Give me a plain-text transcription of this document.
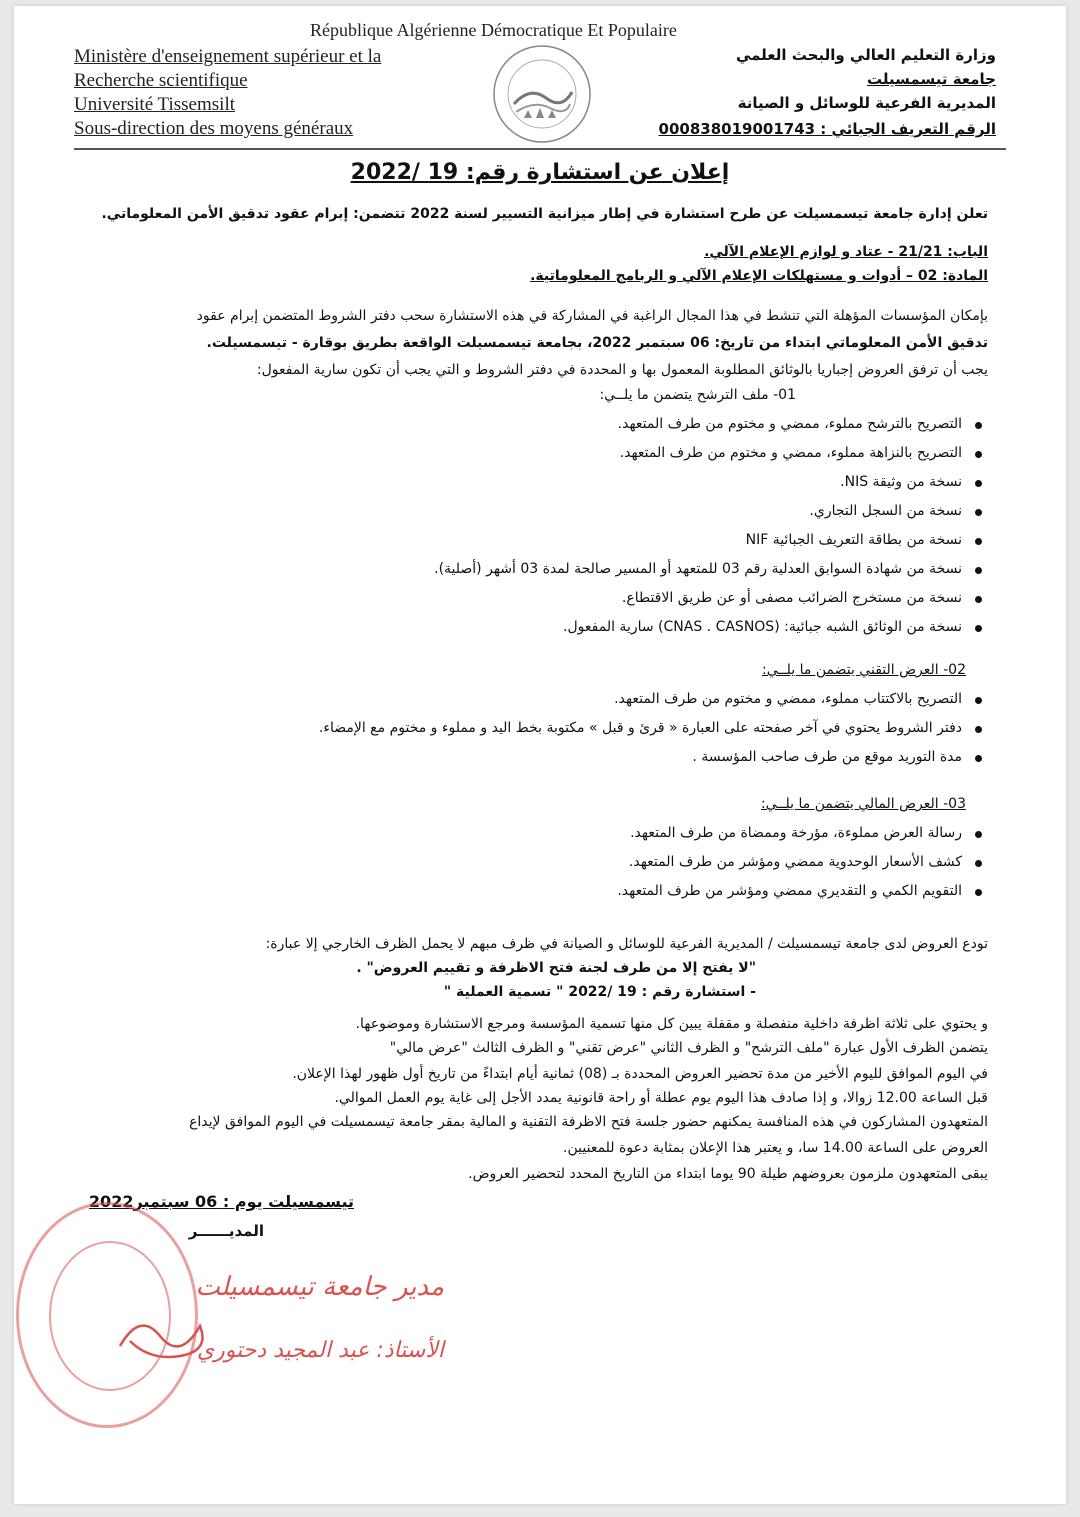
République Algérienne Démocratique Et Populaire
Ministère d'enseignement supérieur et la
Recherche scientifique
Université Tissemsilt
Sous-direction des moyens généraux
وزارة التعليم العالي والبحث العلمي
جامعة تيسمسيلت
المديرية الفرعية للوسائل و الصيانة
الرقم التعريف الجبائي : 000838019001743
إعلان عن استشارة رقم: 19 /2022
تعلن إدارة جامعة تيسمسيلت عن طرح استشارة في إطار ميزانية التسيير لسنة 2022 تتضمن: إبرام عقود تدقيق الأمن المعلوماتي.
الباب: 21/21 - عتاد و لوازم الإعلام الآلي.
المادة: 02 – أدوات و مستهلكات الإعلام الآلي و الربامج المعلوماتية.
بإمكان المؤسسات المؤهلة التي تنشط في هذا المجال الراغبة في المشاركة في هذه الاستشارة سحب دفتر الشروط المتضمن إبرام عقود
تدقيق الأمن المعلوماتي ابتداء من تاريخ: 06 سبتمبر 2022، بجامعة تيسمسيلت الواقعة بطريق بوقارة - تيسمسيلت.
يجب أن ترفق العروض إجباريا بالوثائق المطلوبة المعمول بها و المحددة في دفتر الشروط و التي يجب أن تكون سارية المفعول:
01- ملف الترشح يتضمن ما يلــي:
التصريح بالترشح مملوء، ممضي و مختوم من طرف المتعهد.
التصريح بالنزاهة مملوء، ممضي و مختوم من طرف المتعهد.
نسخة من وثيقة NIS.
نسخة من السجل التجاري.
نسخة من بطاقة التعريف الجبائية NIF
نسخة من شهادة السوابق العدلية رقم 03 للمتعهد أو المسير صالحة لمدة 03 أشهر (أصلية).
نسخة من مستخرج الضرائب مصفى أو عن طريق الاقتطاع.
نسخة من الوثائق الشبه جبائية: (CNAS . CASNOS) سارية المفعول.
02- العرض التقني يتضمن ما يلــي:
التصريح بالاكتتاب مملوء، ممضي و مختوم من طرف المتعهد.
دفتر الشروط يحتوي في آخر صفحته على العبارة « قرئ و قبل » مكتوبة بخط اليد و مملوء و مختوم مع الإمضاء.
مدة التوريد موقع من طرف صاحب المؤسسة .
03- العرض المالي يتضمن ما يلــي:
رسالة العرض مملوءة، مؤرخة وممضاة من طرف المتعهد.
كشف الأسعار الوحدوية ممضي ومؤشر من طرف المتعهد.
التقويم الكمي و التقديري ممضي ومؤشر من طرف المتعهد.
تودع العروض لدى جامعة تيسمسيلت / المديرية الفرعية للوسائل و الصيانة في ظرف مبهم لا يحمل الظرف الخارجي إلا عبارة:
"لا يفتح إلا من طرف لجنة فتح الاظرفة و تقييم العروض" .
- استشارة رقم : 19 /2022 " تسمية العملية "
و يحتوي على ثلاثة اظرفة داخلية منفصلة و مقفلة يبين كل منها تسمية المؤسسة ومرجع الاستشارة وموضوعها.
يتضمن الظرف الأول عبارة "ملف الترشح" و الظرف الثاني "عرض تقني" و الظرف الثالث "عرض مالي"
في اليوم الموافق لليوم الأخير من مدة تحضير العروض المحددة بـ (08) ثمانية أيام ابتداءً من تاريخ أول ظهور لهذا الإعلان.
قبل الساعة 12.00 زوالا، و إذا صادف هذا اليوم يوم عطلة أو راحة قانونية يمدد الأجل إلى غاية يوم العمل الموالي.
المتعهدون المشاركون في هذه المنافسة يمكنهم حضور جلسة فتح الاظرفة التقنية و المالية بمقر جامعة تيسمسيلت في اليوم الموافق لإيداع
العروض على الساعة 14.00 سا، و يعتبر هذا الإعلان بمثابة دعوة للمعنيين.
يبقى المتعهدون ملزمون بعروضهم طيلة 90 يوما ابتداء من التاريخ المحدد لتحضير العروض.
تيسمسيلت يوم : 06 سبتمبر2022
المديــــــر
مدير جامعة تيسمسيلت
الأستاذ: عبد المجيد دحتوري
